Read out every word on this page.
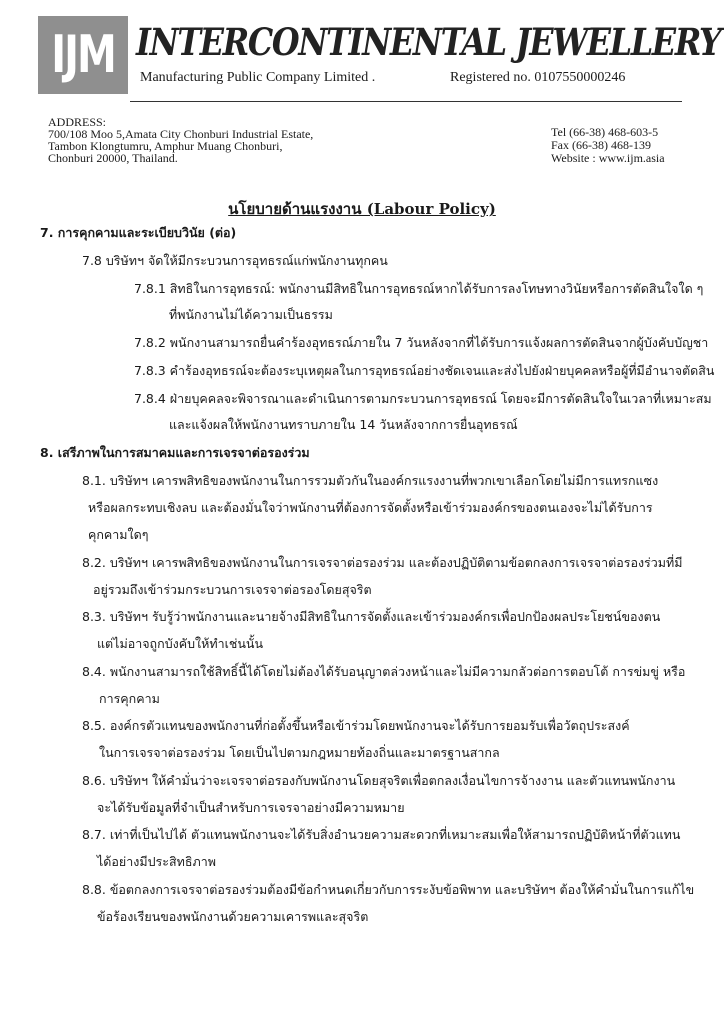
IJM INTERCONTINENTAL JEWELLERY
Manufacturing Public Company Limited .	Registered no. 0107550000246
ADDRESS:
700/108 Moo 5,Amata City Chonburi Industrial Estate,
Tambon Klongtumru, Amphur Muang Chonburi,
Chonburi 20000, Thailand.
Tel (66-38) 468-603-5
Fax (66-38) 468-139
Website : www.ijm.asia
นโยบายด้านแรงงาน (Labour Policy)
7. การคุกคามและระเบียบวินัย (ต่อ)
7.8 บริษัทฯ จัดให้มีกระบวนการอุทธรณ์แก่พนักงานทุกคน
7.8.1 สิทธิในการอุทธรณ์: พนักงานมีสิทธิในการอุทธรณ์หากได้รับการลงโทษทางวินัยหรือการตัดสินใจใด ๆ
ที่พนักงานไม่ได้ความเป็นธรรม
7.8.2 พนักงานสามารถยื่นคำร้องอุทธรณ์ภายใน 7 วันหลังจากที่ได้รับการแจ้งผลการตัดสินจากผู้บังคับบัญชา
7.8.3 คำร้องอุทธรณ์จะต้องระบุเหตุผลในการอุทธรณ์อย่างชัดเจนและส่งไปยังฝ่ายบุคคลหรือผู้ที่มีอำนาจตัดสิน
7.8.4 ฝ่ายบุคคลจะพิจารณาและดำเนินการตามกระบวนการอุทธรณ์ โดยจะมีการตัดสินใจในเวลาที่เหมาะสม
และแจ้งผลให้พนักงานทราบภายใน 14 วันหลังจากการยื่นอุทธรณ์
8. เสรีภาพในการสมาคมและการเจรจาต่อรองร่วม
8.1. บริษัทฯ เคารพสิทธิของพนักงานในการรวมตัวกันในองค์กรแรงงานที่พวกเขาเลือกโดยไม่มีการแทรกแซง
หรือผลกระทบเชิงลบ และต้องมั่นใจว่าพนักงานที่ต้องการจัดตั้งหรือเข้าร่วมองค์กรของตนเองจะไม่ได้รับการ
คุกคามใดๆ
8.2. บริษัทฯ เคารพสิทธิของพนักงานในการเจรจาต่อรองร่วม และต้องปฏิบัติตามข้อตกลงการเจรจาต่อรองร่วมที่มี
อยู่รวมถึงเข้าร่วมกระบวนการเจรจาต่อรองโดยสุจริต
8.3. บริษัทฯ รับรู้ว่าพนักงานและนายจ้างมีสิทธิในการจัดตั้งและเข้าร่วมองค์กรเพื่อปกป้องผลประโยชน์ของตน
แต่ไม่อาจถูกบังคับให้ทำเช่นนั้น
8.4. พนักงานสามารถใช้สิทธิ์นี้ได้โดยไม่ต้องได้รับอนุญาตล่วงหน้าและไม่มีความกลัวต่อการตอบโต้ การข่มขู่ หรือ
การคุกคาม
8.5. องค์กรตัวแทนของพนักงานที่ก่อตั้งขึ้นหรือเข้าร่วมโดยพนักงานจะได้รับการยอมรับเพื่อวัตถุประสงค์
ในการเจรจาต่อรองร่วม โดยเป็นไปตามกฎหมายท้องถิ่นและมาตรฐานสากล
8.6. บริษัทฯ ให้คำมั่นว่าจะเจรจาต่อรองกับพนักงานโดยสุจริตเพื่อตกลงเงื่อนไขการจ้างงาน และตัวแทนพนักงาน
จะได้รับข้อมูลที่จำเป็นสำหรับการเจรจาอย่างมีความหมาย
8.7. เท่าที่เป็นไปได้ ตัวแทนพนักงานจะได้รับสิ่งอำนวยความสะดวกที่เหมาะสมเพื่อให้สามารถปฏิบัติหน้าที่ตัวแทน
ได้อย่างมีประสิทธิภาพ
8.8. ข้อตกลงการเจรจาต่อรองร่วมต้องมีข้อกำหนดเกี่ยวกับการระงับข้อพิพาท และบริษัทฯ ต้องให้คำมั่นในการแก้ไข
ข้อร้องเรียนของพนักงานด้วยความเคารพและสุจริต
